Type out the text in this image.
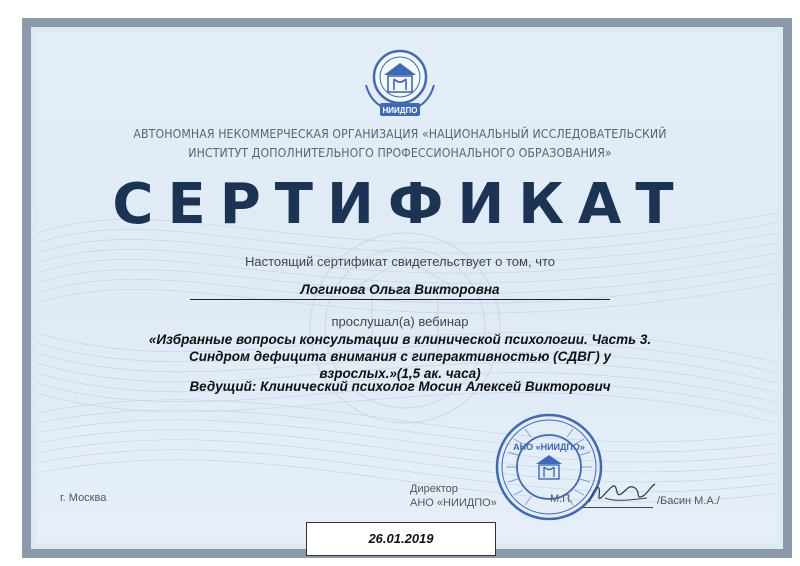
НИИДПО
АВТОНОМНАЯ НЕКОММЕРЧЕСКАЯ ОРГАНИЗАЦИЯ «НАЦИОНАЛЬНЫЙ ИССЛЕДОВАТЕЛЬСКИЙ
ИНСТИТУТ ДОПОЛНИТЕЛЬНОГО ПРОФЕССИОНАЛЬНОГО ОБРАЗОВАНИЯ»
СЕРТИФИКАТ
Настоящий сертификат свидетельствует о том, что
Логинова Ольга Викторовна
прослушал(а) вебинар
«Избранные вопросы консультации в клинической психологии. Часть 3. Синдром дефицита внимания с гиперактивностью (СДВГ) у взрослых.»(1,5 ак. часа)
Ведущий: Клинический психолог Мосин Алексей Викторович
АНО «НИИДПО»
г. Москва
Директор
АНО «НИИДПО»	М.П.	/Басин М.А./
26.01.2019
